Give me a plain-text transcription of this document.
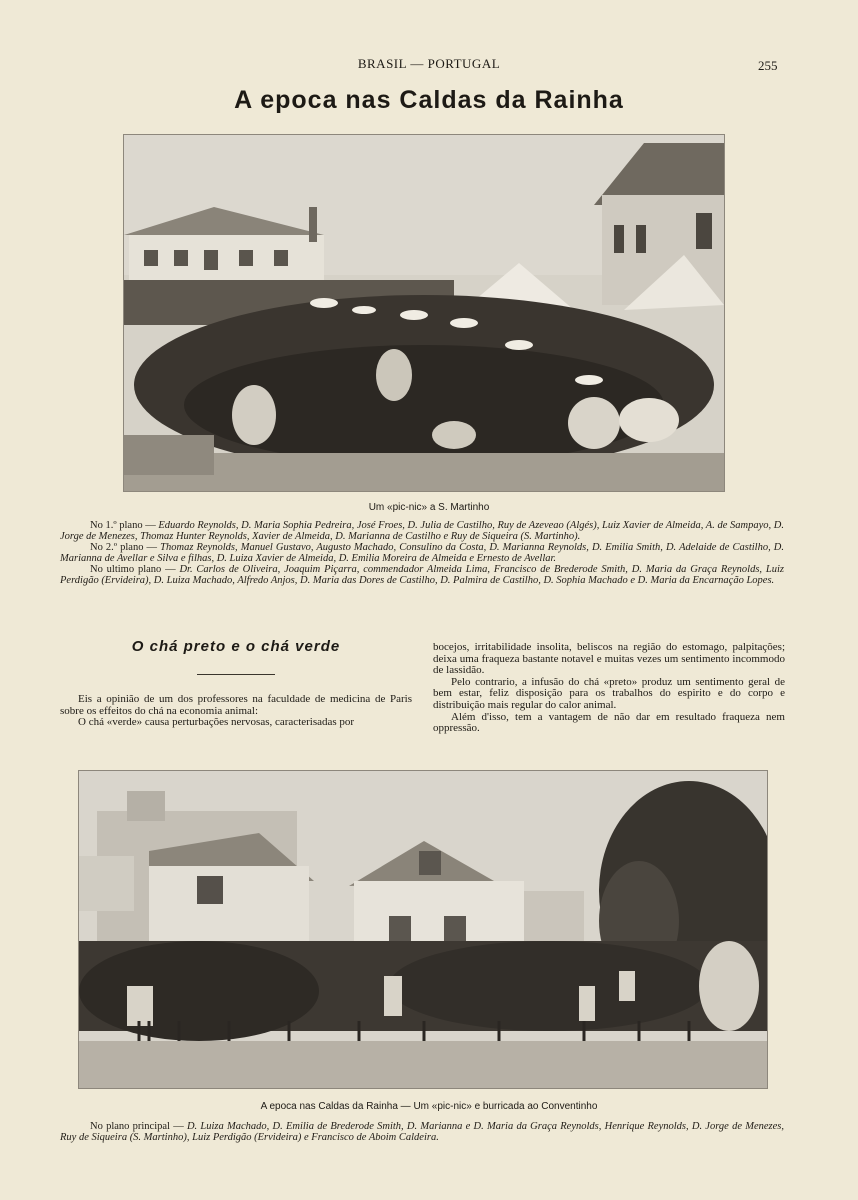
BRASIL — PORTUGAL	255
A epoca nas Caldas da Rainha
Um «pic-nic» a S. Martinho

No 1.º plano — Eduardo Reynolds, D. Maria Sophia Pedreira, José Froes, D. Julia de Castilho, Ruy de Azeveao (Algés), Luiz Xavier de Almeida, A. de Sampayo, D. Jorge de Menezes, Thomaz Hunter Reynolds, Xavier de Almeida, D. Marianna de Castilho e Ruy de Siqueira (S. Martinho).

No 2.º plano — Thomaz Reynolds, Manuel Gustavo, Augusto Machado, Consulino da Costa, D. Marianna Reynolds, D. Emilia Smith, D. Adelaide de Castilho, D. Marianna de Avellar e Silva e filhas, D. Luiza Xavier de Almeida, D. Emilia Moreira de Almeida e Ernesto de Avellar.

No ultimo plano — Dr. Carlos de Oliveira, Joaquim Piçarra, commendador Almeida Lima, Francisco de Brederode Smith, D. Maria da Graça Reynolds, Luiz Perdigão (Ervideira), D. Luiza Machado, Alfredo Anjos, D. Maria das Dores de Castilho, D. Palmira de Castilho, D. Sophia Machado e D. Maria da Encarnação Lopes.

O chá preto e o chá verde

Eis a opinião de um dos professores na faculdade de medicina de Paris sobre os effeitos do chá na economia animal:

O chá «verde» causa perturbações nervosas, caracterisadas por

bocejos, irritabilidade insolita, beliscos na região do estomago, palpitações; deixa uma fraqueza bastante notavel e muitas vezes um sentimento incommodo de lassidão.

Pelo contrario, a infusão do chá «preto» produz um sentimento geral de bem estar, feliz disposição para os trabalhos do espirito e do corpo e distribuição mais regular do calor animal.

Além d'isso, tem a vantagem de não dar em resultado fraqueza nem oppressão.

A epoca nas Caldas da Rainha — Um «pic-nic» e burricada ao Conventinho

No plano principal — D. Luiza Machado, D. Emilia de Brederode Smith, D. Marianna e D. Maria da Graça Reynolds, Henrique Reynolds, D. Jorge de Menezes, Ruy de Siqueira (S. Martinho), Luiz Perdigão (Ervideira) e Francisco de Aboim Caldeira.
